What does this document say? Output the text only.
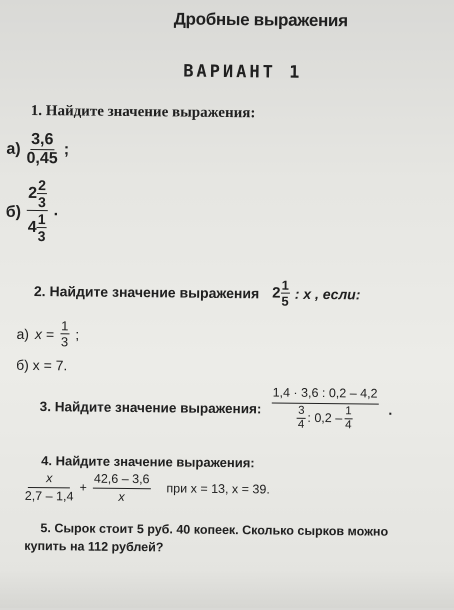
Дробные выражения
ВАРИАНТ 1
1. Найдите значение выражения:
$а) \frac{3,6}{0,45}$ ;
$б) \frac{2 \frac{2}{3}}{4 \frac{1}{3}}$ .
2. Найдите значение выражения $2 \frac{1}{5}$ : x , если:
а) $x = \frac{1}{3}$ ;
б) x = 7.
3. Найдите значение выражения:
1,4 · 3,6 : 0,2 – 4,2
$\frac{3}{4}$ : $0,2 - \frac{1}{4}$	.
4. Найдите значение выражения:
$\frac{x}{2,7 - 1,4} + \frac{42,6 - 3,6}{x}$ при x = 13, x = 39.
5. Сырок стоит 5 руб. 40 копеек. Сколько сырков можно
купить на 112 рублей?
